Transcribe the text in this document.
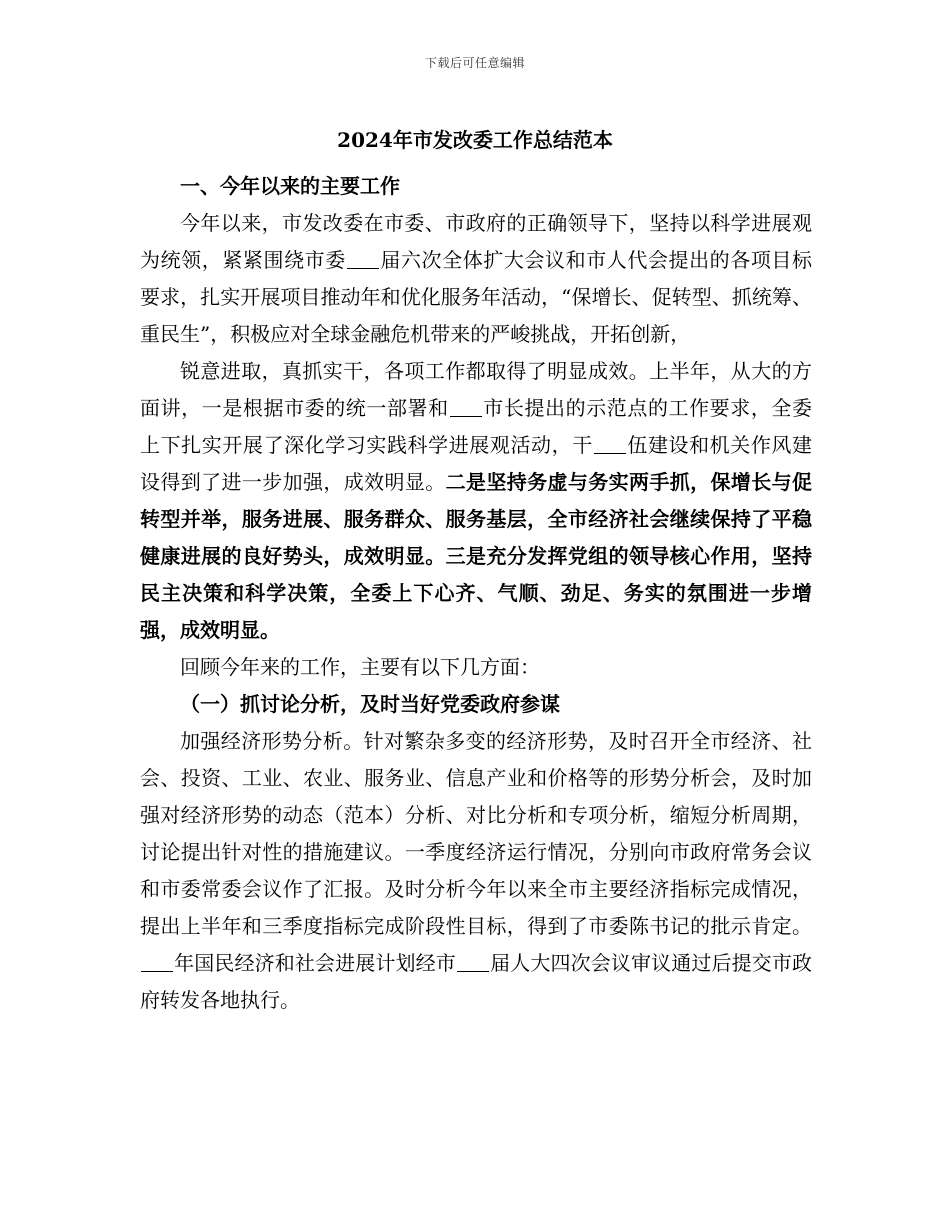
下载后可任意编辑
2024年市发改委工作总结范本

一、今年以来的主要工作

今年以来，市发改委在市委、市政府的正确领导下，坚持以科学进展观为统领，紧紧围绕市委 届六次全体扩大会议和市人代会提出的各项目标要求，扎实开展项目推动年和优化服务年活动，“保增长、促转型、抓统筹、重民生”，积极应对全球金融危机带来的严峻挑战，开拓创新，

锐意进取，真抓实干，各项工作都取得了明显成效。上半年，从大的方面讲，一是根据市委的统一部署和 市长提出的示范点的工作要求，全委上下扎实开展了深化学习实践科学进展观活动，干 伍建设和机关作风建设得到了进一步加强，成效明显。二是坚持务虚与务实两手抓，保增长与促转型并举，服务进展、服务群众、服务基层，全市经济社会继续保持了平稳健康进展的良好势头，成效明显。三是充分发挥党组的领导核心作用，坚持民主决策和科学决策，全委上下心齐、气顺、劲足、务实的氛围进一步增强，成效明显。

回顾今年来的工作，主要有以下几方面：

（一）抓讨论分析，及时当好党委政府参谋

加强经济形势分析。针对繁杂多变的经济形势，及时召开全市经济、社会、投资、工业、农业、服务业、信息产业和价格等的形势分析会，及时加强对经济形势的动态（范本）分析、对比分析和专项分析，缩短分析周期，讨论提出针对性的措施建议。一季度经济运行情况，分别向市政府常务会议和市委常委会议作了汇报。及时分析今年以来全市主要经济指标完成情况，提出上半年和三季度指标完成阶段性目标，得到了市委陈书记的批示肯定。年国民经济和社会进展计划经市 届人大四次会议审议通过后提交市政府转发各地执行。
